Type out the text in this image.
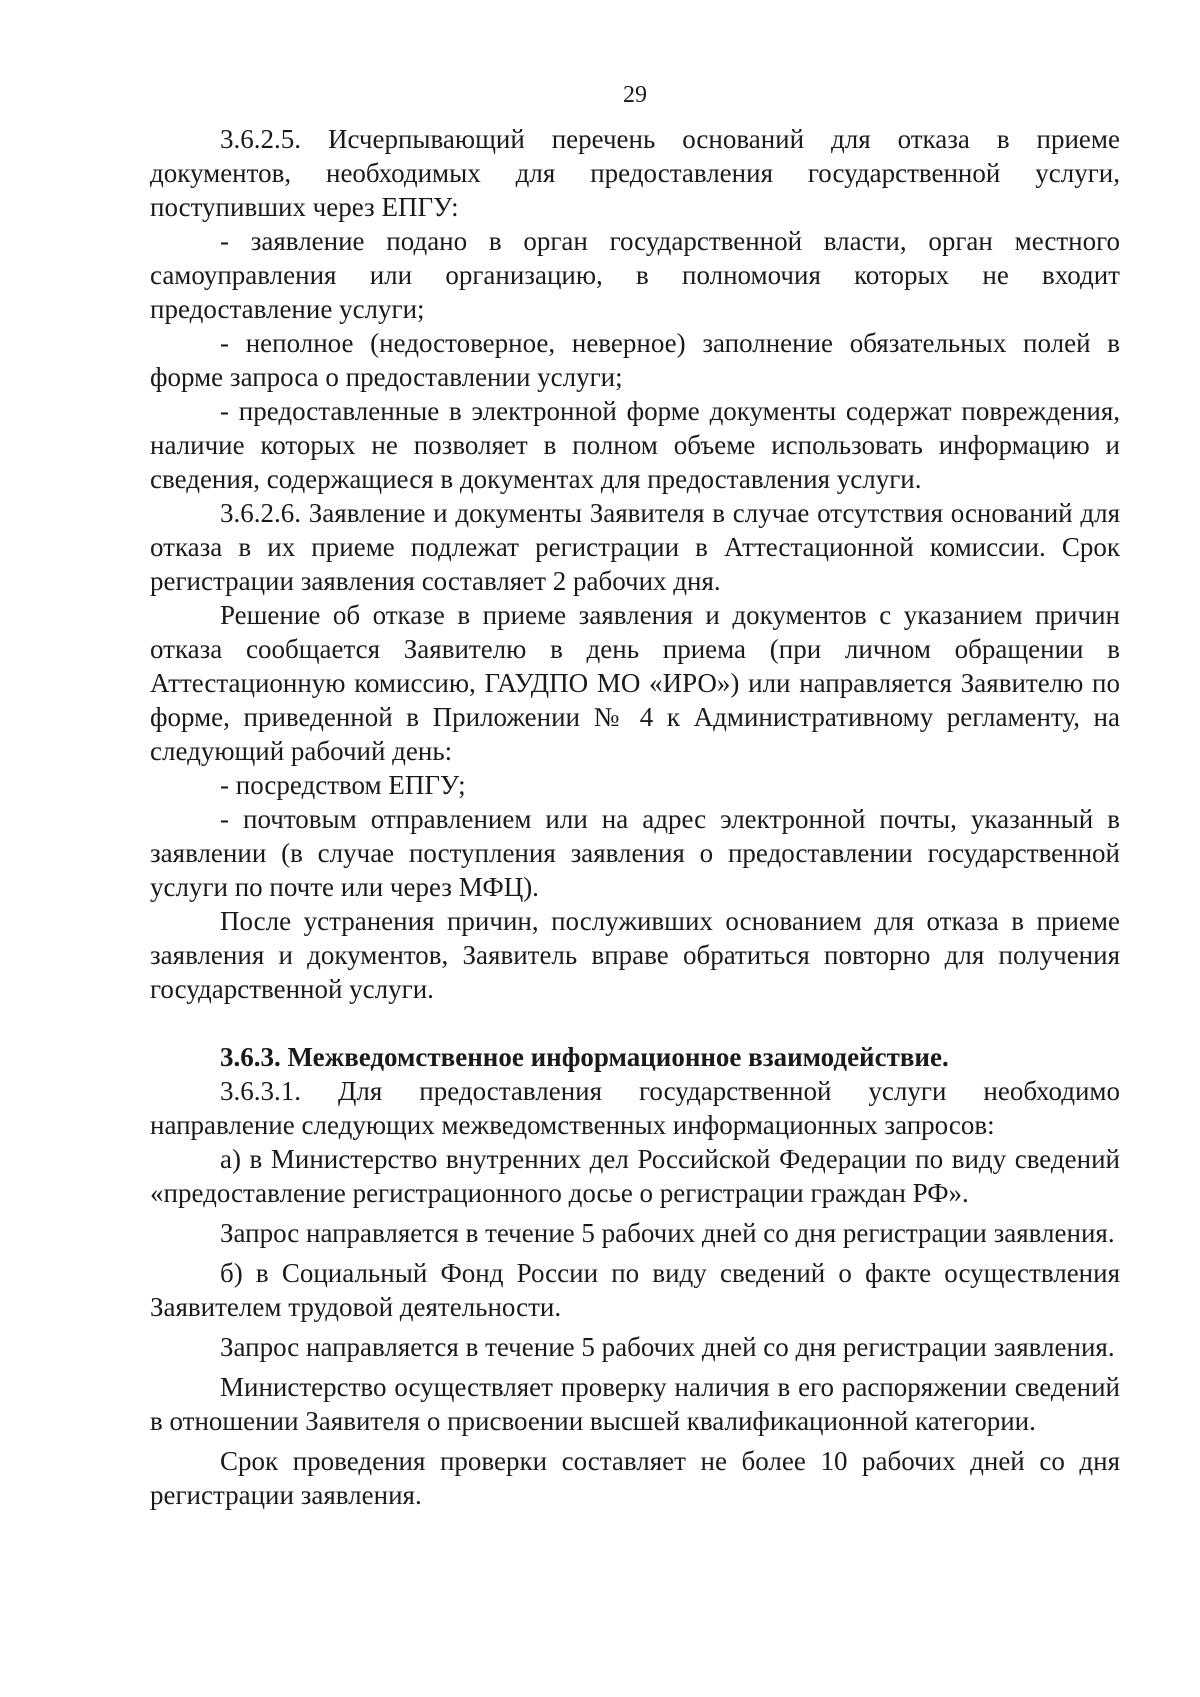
29

3.6.2.5. Исчерпывающий перечень оснований для отказа в приеме документов, необходимых для предоставления государственной услуги, поступивших через ЕПГУ:

- заявление подано в орган государственной власти, орган местного самоуправления или организацию, в полномочия которых не входит предоставление услуги;

- неполное (недостоверное, неверное) заполнение обязательных полей в форме запроса о предоставлении услуги;

- предоставленные в электронной форме документы содержат повреждения, наличие которых не позволяет в полном объеме использовать информацию и сведения, содержащиеся в документах для предоставления услуги.

3.6.2.6. Заявление и документы Заявителя в случае отсутствия оснований для отказа в их приеме подлежат регистрации в Аттестационной комиссии. Срок регистрации заявления составляет 2 рабочих дня.

Решение об отказе в приеме заявления и документов с указанием причин отказа сообщается Заявителю в день приема (при личном обращении в Аттестационную комиссию, ГАУДПО МО «ИРО») или направляется Заявителю по форме, приведенной в Приложении № 4 к Административному регламенту, на следующий рабочий день:

- посредством ЕПГУ;

- почтовым отправлением или на адрес электронной почты, указанный в заявлении (в случае поступления заявления о предоставлении государственной услуги по почте или через МФЦ).

После устранения причин, послуживших основанием для отказа в приеме заявления и документов, Заявитель вправе обратиться повторно для получения государственной услуги.

3.6.3. Межведомственное информационное взаимодействие.

3.6.3.1. Для предоставления государственной услуги необходимо направление следующих межведомственных информационных запросов:

а) в Министерство внутренних дел Российской Федерации по виду сведений «предоставление регистрационного досье о регистрации граждан РФ».

Запрос направляется в течение 5 рабочих дней со дня регистрации заявления.

б) в Социальный Фонд России по виду сведений о факте осуществления Заявителем трудовой деятельности.

Запрос направляется в течение 5 рабочих дней со дня регистрации заявления.

Министерство осуществляет проверку наличия в его распоряжении сведений в отношении Заявителя о присвоении высшей квалификационной категории.

Срок проведения проверки составляет не более 10 рабочих дней со дня регистрации заявления.
